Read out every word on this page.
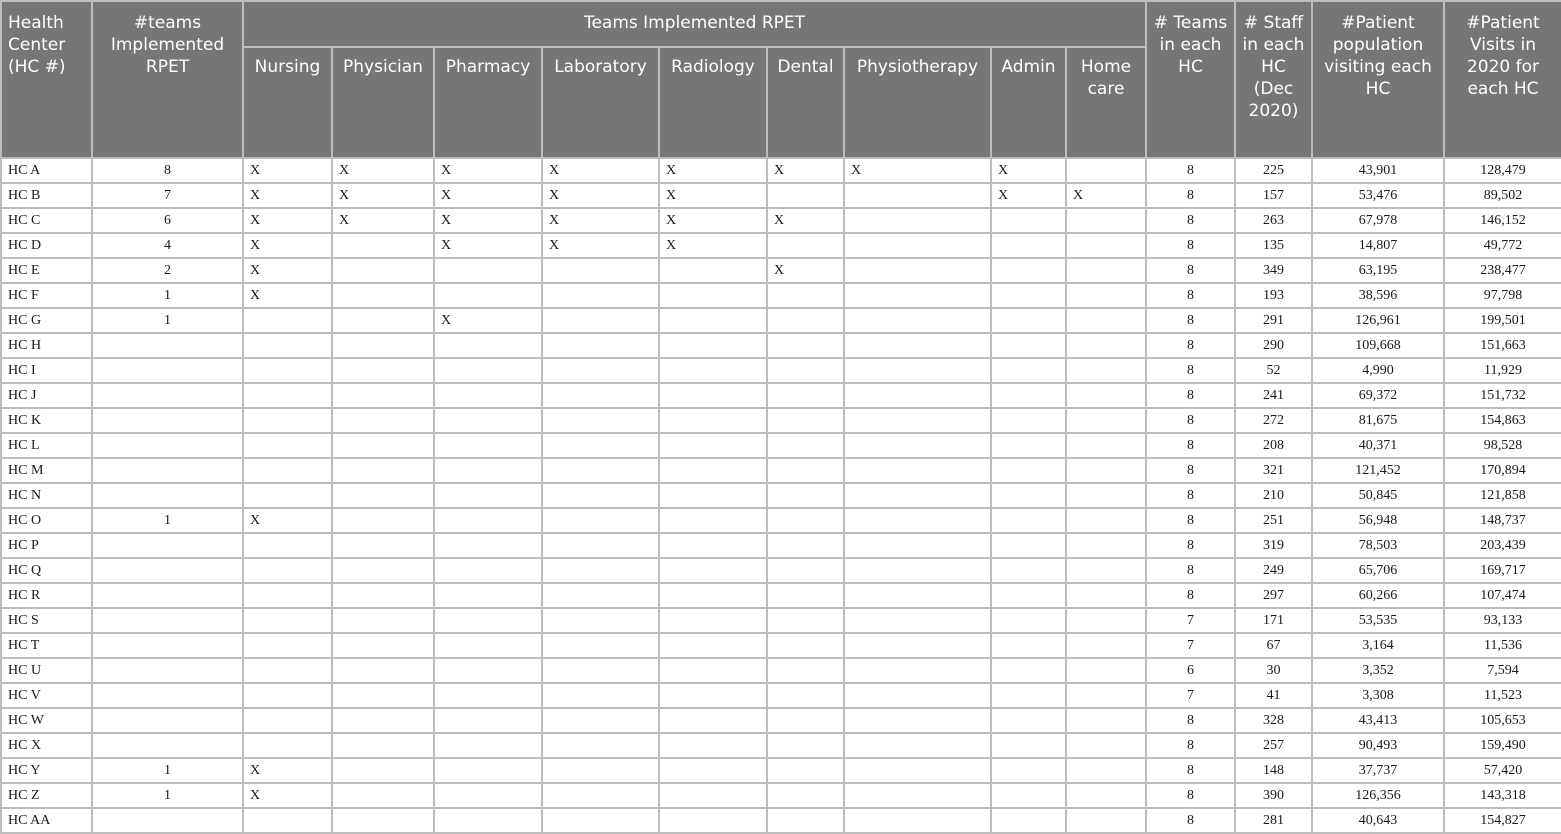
Health Center (HC #)	#teams Implemented RPET	Teams Implemented RPET									# Teams in each HC	# Staff in each HC (Dec 2020)	#Patient population visiting each HC	#Patient Visits in 2020 for each HC
		Nursing	Physician	Pharmacy	Laboratory	Radiology	Dental	Physiotherapy	Admin	Home care				
HC A	8	X	X	X	X	X	X	X	X		8	225	43,901	128,479
HC B	7	X	X	X	X	X			X	X	8	157	53,476	89,502
HC C	6	X	X	X	X	X	X				8	263	67,978	146,152
HC D	4	X		X	X	X					8	135	14,807	49,772
HC E	2	X					X				8	349	63,195	238,477
HC F	1	X									8	193	38,596	97,798
HC G	1			X							8	291	126,961	199,501
HC H											8	290	109,668	151,663
HC I											8	52	4,990	11,929
HC J											8	241	69,372	151,732
HC K											8	272	81,675	154,863
HC L											8	208	40,371	98,528
HC M											8	321	121,452	170,894
HC N											8	210	50,845	121,858
HC O	1	X									8	251	56,948	148,737
HC P											8	319	78,503	203,439
HC Q											8	249	65,706	169,717
HC R											8	297	60,266	107,474
HC S											7	171	53,535	93,133
HC T											7	67	3,164	11,536
HC U											6	30	3,352	7,594
HC V											7	41	3,308	11,523
HC W											8	328	43,413	105,653
HC X											8	257	90,493	159,490
HC Y	1	X									8	148	37,737	57,420
HC Z	1	X									8	390	126,356	143,318
HC AA											8	281	40,643	154,827
